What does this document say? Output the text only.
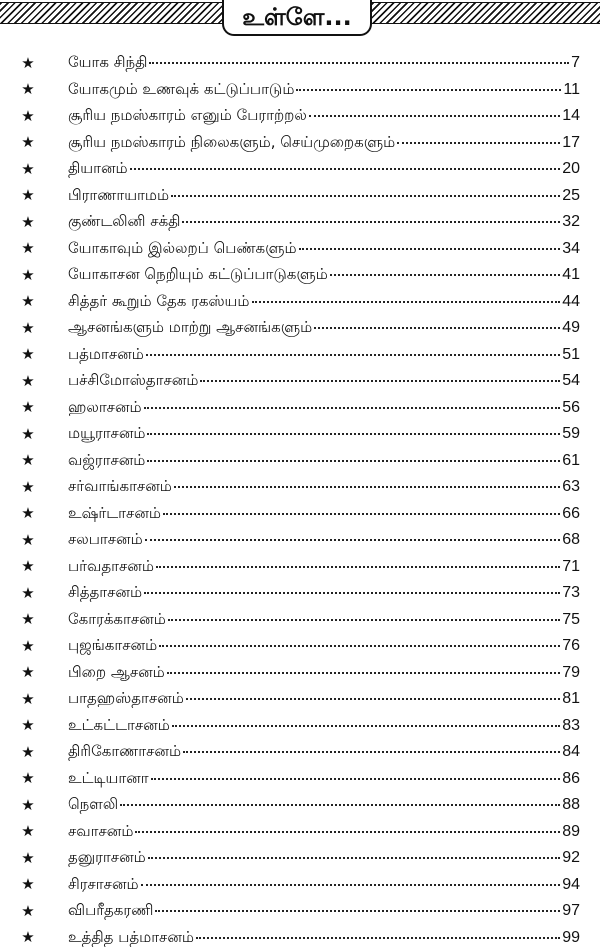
உள்ளே...
★ யோக சிந்தி	7
★ யோகமும் உணவுக் கட்டுப்பாடும்	11
★ சூரிய நமஸ்காரம் எனும் பேராற்றல்	14
★ சூரிய நமஸ்காரம் நிலைகளும், செய்முறைகளும்	17
★ தியானம்	20
★ பிராணாயாமம்	25
★ குண்டலினி சக்தி	32
★ யோகாவும் இல்லறப் பெண்களும்	34
★ யோகாசன நெறியும் கட்டுப்பாடுகளும்	41
★ சித்தர் கூறும் தேக ரகஸ்யம்	44
★ ஆசனங்களும் மாற்று ஆசனங்களும்	49
★ பத்மாசனம்	51
★ பச்சிமோஸ்தாசனம்	54
★ ஹலாசனம்	56
★ மயூராசனம்	59
★ வஜ்ராசனம்	61
★ சர்வாங்காசனம்	63
★ உஷ்ர்டாசனம்	66
★ சலபாசனம்	68
★ பர்வதாசனம்	71
★ சித்தாசனம்	73
★ கோரக்காசனம்	75
★ புஜங்காசனம்	76
★ பிறை ஆசனம்	79
★ பாதஹஸ்தாசனம்	81
★ உட்கட்டாசனம்	83
★ திரிகோணாசனம்	84
★ உட்டியானா	86
★ நௌலி	88
★ சவாசனம்	89
★ தனுராசனம்	92
★ சிரசாசனம்	94
★ விபரீதகரணி	97
★ உத்தித பத்மாசனம்	99
